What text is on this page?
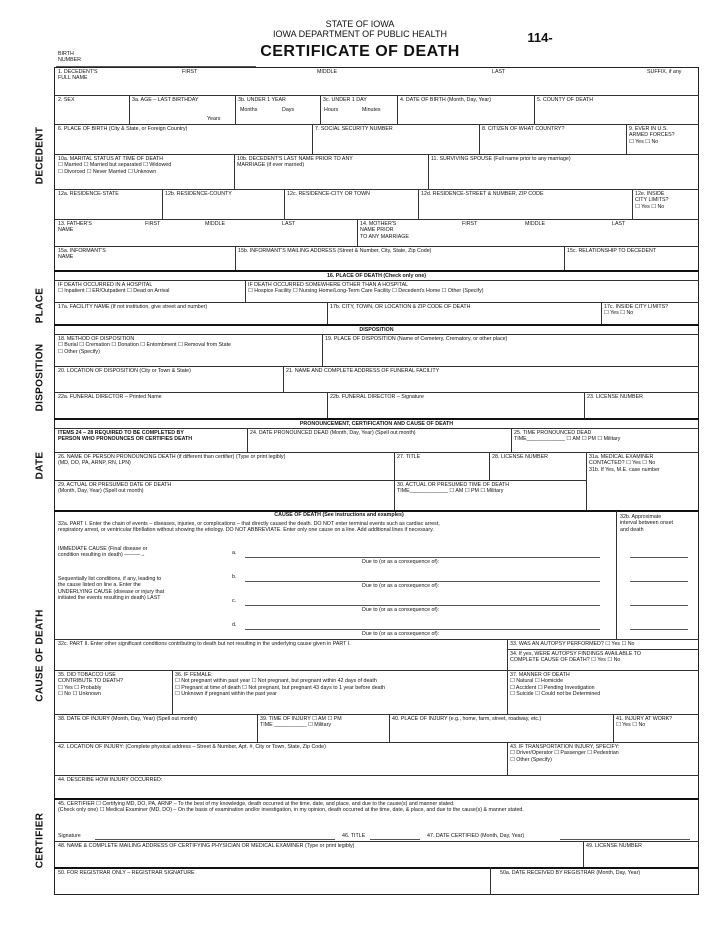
STATE OF IOWA
IOWA DEPARTMENT OF PUBLIC HEALTH	114-
CERTIFICATE OF DEATH
BIRTH
NUMBER
DECEDENT
PLACE
DISPOSITION
DATE
CAUSE OF DEATH
CERTIFIER
1. DECEDENT'S
FULL NAME
FIRST	MIDDLE	LAST	SUFFIX, if any
2. SEX	3a. AGE – LAST BIRTHDAY
Years
3b. UNDER 1 YEAR
Months	Days
3c. UNDER 1 DAY
Hours	Minutes
4. DATE OF BIRTH (Month, Day, Year)	5. COUNTY OF DEATH
6. PLACE OF BIRTH (City & State, or Foreign Country)	7. SOCIAL SECURITY NUMBER	8. CITIZEN OF WHAT COUNTRY?	9. EVER IN U.S.
ARMED FORCES?
☐ Yes ☐ No
10a. MARITAL STATUS AT TIME OF DEATH
☐ Married ☐ Married but separated ☐ Widowed
☐ Divorced ☐ Never Married ☐ Unknown
10b. DECEDENT'S LAST NAME PRIOR TO ANY
MARRIAGE (if ever married)
11. SURVIVING SPOUSE (Full name prior to any marriage)
12a. RESIDENCE-STATE	12b. RESIDENCE-COUNTY	12c. RESIDENCE-CITY OR TOWN	12d. RESIDENCE-STREET & NUMBER, ZIP CODE	12e. INSIDE
CITY LIMITS?
☐ Yes ☐ No
13. FATHER'S
NAME
FIRST	MIDDLE	LAST	14. MOTHER'S
NAME PRIOR
TO ANY MARRIAGE
FIRST	MIDDLE	LAST
15a. INFORMANT'S
NAME
15b. INFORMANT'S MAILING ADDRESS (Street & Number, City, State, Zip Code)	15c. RELATIONSHIP TO DECEDENT
16. PLACE OF DEATH (Check only one)
IF DEATH OCCURRED IN A HOSPITAL
☐ Inpatient ☐ ER/Outpatient ☐ Dead on Arrival
IF DEATH OCCURRED SOMEWHERE OTHER THAN A HOSPITAL
☐ Hospice Facility ☐ Nursing Home/Long-Term Care Facility ☐ Decedent's Home ☐ Other (Specify)
17a. FACILITY NAME (If not institution, give street and number)	17b. CITY, TOWN, OR LOCATION & ZIP CODE OF DEATH	17c. INSIDE CITY LIMITS?
☐ Yes ☐ No
DISPOSITION
18. METHOD OF DISPOSITION
☐ Burial ☐ Cremation ☐ Donation ☐ Entombment ☐ Removal from State
☐ Other (Specify)
19. PLACE OF DISPOSITION (Name of Cemetery, Crematory, or other place)
20. LOCATION OF DISPOSITION (City or Town & State)	21. NAME AND COMPLETE ADDRESS OF FUNERAL FACILITY
22a. FUNERAL DIRECTOR – Printed Name	22b. FUNERAL DIRECTOR – Signature	23. LICENSE NUMBER
PRONOUNCEMENT, CERTIFICATION AND CAUSE OF DEATH
ITEMS 24 – 28 REQUIRED TO BE COMPLETED BY
PERSON WHO PRONOUNCES OR CERTIFIES DEATH
24. DATE PRONOUNCED DEAD (Month, Day, Year) (Spell out month)	25. TIME PRONOUNCED DEAD
TIME_____________ ☐ AM ☐ PM ☐ Military
26. NAME OF PERSON PRONOUNCING DEATH (if different than certifier) (Type or print legibly)
(MD, DO, PA, ARNP, RN, LPN)
27. TITLE	28. LICENSE NUMBER	31a. MEDICAL EXAMINER
CONTACTED? ☐ Yes ☐ No
31b. If Yes, M.E. case number
29. ACTUAL OR PRESUMED DATE OF DEATH
(Month, Day, Year) (Spell out month)
30. ACTUAL OR PRESUMED TIME OF DEATH
TIME_____________ ☐ AM ☐ PM ☐ Military
CAUSE OF DEATH (See instructions and examples)	32b. Approximate
interval between onset
and death
32a. PART I. Enter the chain of events – diseases, injuries, or complications – that directly caused the death. DO NOT enter terminal events such as cardiac arrest,
respiratory arrest, or ventricular fibrillation without showing the etiology. DO NOT ABBREVIATE. Enter only one cause on a line. Add additional lines if necessary.
IMMEDIATE CAUSE (Final disease or
condition resulting in death) ———→
Sequentially list conditions, if any, leading to
the cause listed on line a. Enter the
UNDERLYING CAUSE (disease or injury that
initiated the events resulting in death) LAST
a.
Due to (or as a consequence of):
b.
Due to (or as a consequence of):
c.
Due to (or as a consequence of):
d.
Due to (or as a consequence of):
32c. PART II. Enter other significant conditions contributing to death but not resulting in the underlying cause given in PART I.	33. WAS AN AUTOPSY PERFORMED? ☐ Yes ☐ No
34. If yes, WERE AUTOPSY FINDINGS AVAILABLE TO
COMPLETE CAUSE OF DEATH? ☐ Yes ☐ No
35. DID TOBACCO USE
CONTRIBUTE TO DEATH?
☐ Yes ☐ Probably
☐ No ☐ Unknown
36. IF FEMALE:
☐ Not pregnant within past year ☐ Not pregnant, but pregnant within 42 days of death
☐ Pregnant at time of death ☐ Not pregnant, but pregnant 43 days to 1 year before death
☐ Unknown if pregnant within the past year
37. MANNER OF DEATH
☐ Natural ☐ Homicide
☐ Accident ☐ Pending Investigation
☐ Suicide ☐ Could not be Determined
38. DATE OF INJURY (Month, Day, Year) (Spell out month)	39. TIME OF INJURY ☐ AM ☐ PM
TIME ___________ ☐ Military
40. PLACE OF INJURY (e.g., home, farm, street, roadway, etc.)	41. INJURY AT WORK?
☐ Yes ☐ No
42. LOCATION OF INJURY: (Complete physical address – Street & Number, Apt. #, City or Town, State, Zip Code)	43. IF TRANSPORTATION INJURY, SPECIFY:
☐ Driver/Operator ☐ Passenger ☐ Pedestrian
☐ Other (Specify)
44. DESCRIBE HOW INJURY OCCURRED:
45. CERTIFIER ☐ Certifying MD, DO, PA, ARNP – To the best of my knowledge, death occurred at the time, date, and place, and due to the cause(s) and manner stated.
(Check only one) ☐ Medical Examiner (MD, DO) – On the basis of examination and/or investigation, in my opinion, death occurred at the time, date, & place, and due to the cause(s) & manner stated.
Signature	46. TITLE	47. DATE CERTIFIED (Month, Day, Year)
48. NAME & COMPLETE MAILING ADDRESS OF CERTIFYING PHYSICIAN OR MEDICAL EXAMINER (Type or print legibly)	49. LICENSE NUMBER
50. FOR REGISTRAR ONLY – REGISTRAR SIGNATURE	50a. DATE RECEIVED BY REGISTRAR (Month, Day, Year)
